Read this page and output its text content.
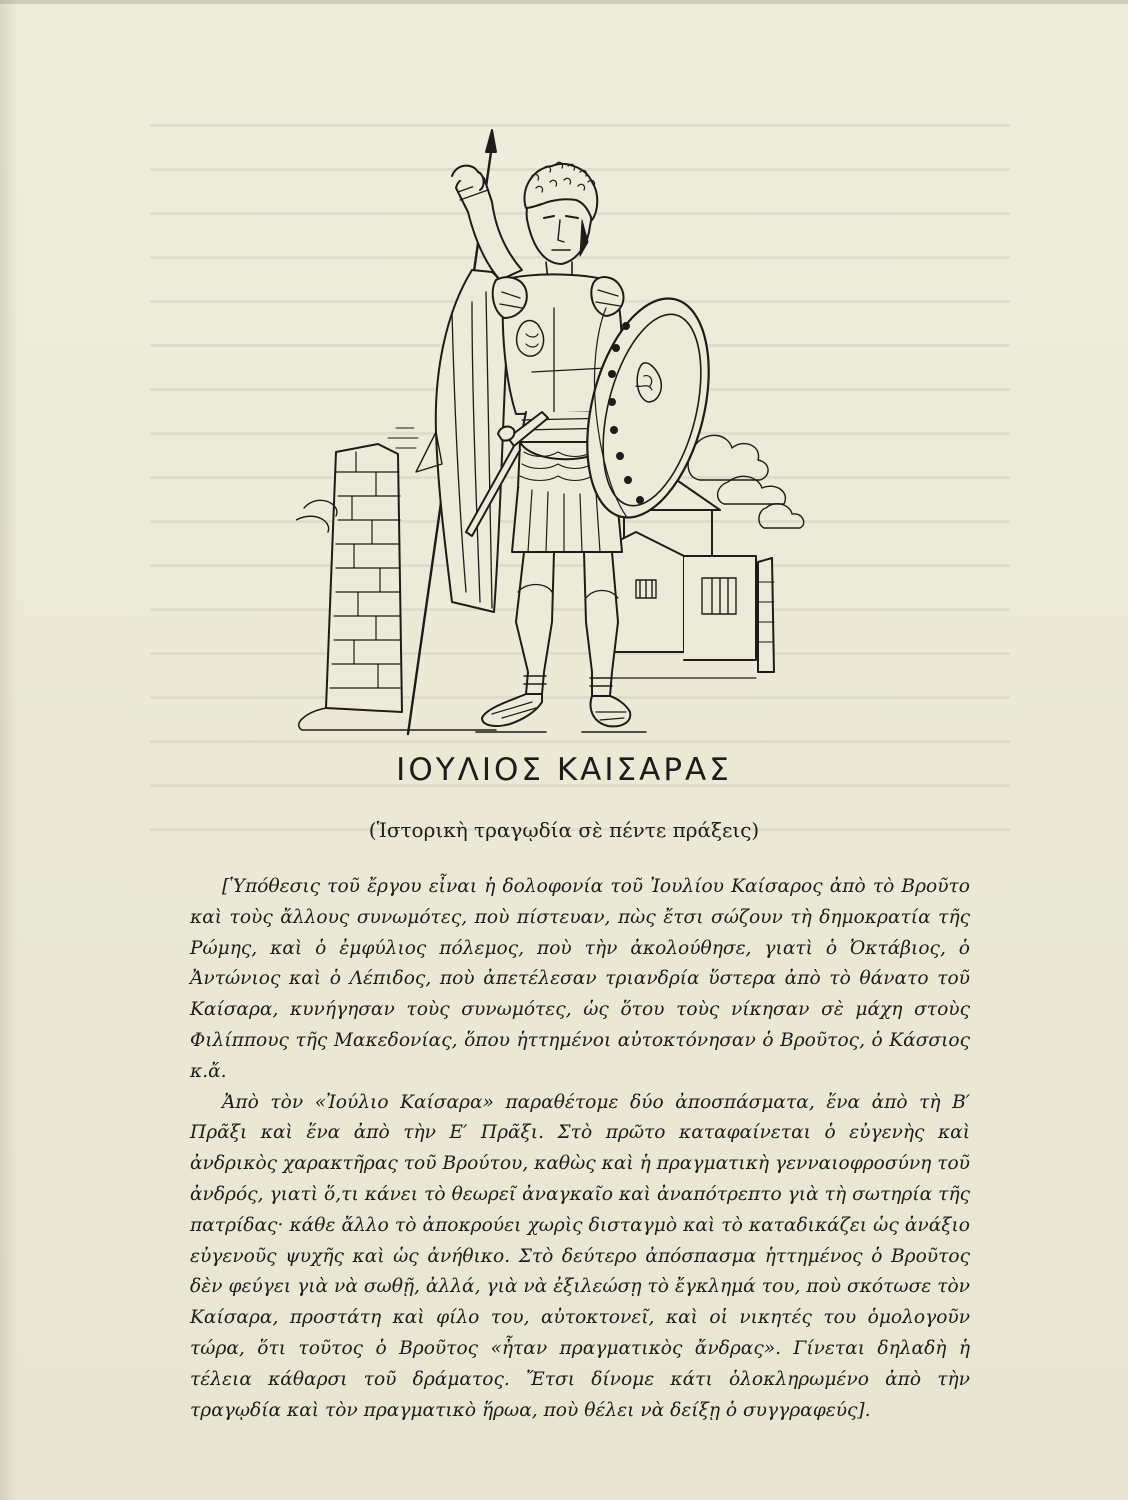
ΙΟΥΛΙΟΣ ΚΑΙΣΑΡΑΣ
(Ἱστορικὴ τραγῳδία σὲ πέντε πράξεις)

[Ὑπόθεσις τοῦ ἔργου εἶναι ἡ δολοφονία τοῦ Ἰουλίου Καίσαρος ἀπὸ τὸ Βροῦτο καὶ τοὺς ἄλλους συνωμότες, ποὺ πίστευαν, πὼς ἔτσι σώζουν τὴ δημοκρατία τῆς Ρώμης, καὶ ὁ ἐμφύλιος πόλεμος, ποὺ τὴν ἀκολούθησε, γιατὶ ὁ Ὀκτάβιος, ὁ Ἀντώνιος καὶ ὁ Λέπιδος, ποὺ ἀπετέλεσαν τριανδρία ὕστερα ἀπὸ τὸ θάνατο τοῦ Καίσαρα, κυνήγησαν τοὺς συνωμότες, ὡς ὅτου τοὺς νίκησαν σὲ μάχη στοὺς Φιλίππους τῆς Μακεδονίας, ὅπου ἡττημένοι αὐτοκτόνησαν ὁ Βροῦτος, ὁ Κάσσιος κ.ἄ.

Ἀπὸ τὸν «Ἰούλιο Καίσαρα» παραθέτομε δύο ἀποσπάσματα, ἕνα ἀπὸ τὴ Β′ Πρᾶξι καὶ ἕνα ἀπὸ τὴν Ε′ Πρᾶξι. Στὸ πρῶτο καταφαίνεται ὁ εὐγενὴς καὶ ἀνδρικὸς χαρακτῆρας τοῦ Βρούτου, καθὼς καὶ ἡ πραγματικὴ γενναιοφροσύνη τοῦ ἀνδρός, γιατὶ ὅ,τι κάνει τὸ θεωρεῖ ἀναγκαῖο καὶ ἀναπότρεπτο γιὰ τὴ σωτηρία τῆς πατρίδας· κάθε ἄλλο τὸ ἀποκρούει χωρὶς δισταγμὸ καὶ τὸ καταδικάζει ὡς ἀνάξιο εὐγενοῦς ψυχῆς καὶ ὡς ἀνήθικο. Στὸ δεύτερο ἀπόσπασμα ἡττημένος ὁ Βροῦτος δὲν φεύγει γιὰ νὰ σωθῇ, ἀλλά, γιὰ νὰ ἐξιλεώσῃ τὸ ἔγκλημά του, ποὺ σκότωσε τὸν Καίσαρα, προστάτη καὶ φίλο του, αὐτοκτονεῖ, καὶ οἱ νικητές του ὁμολογοῦν τώρα, ὅτι τοῦτος ὁ Βροῦτος «ἦταν πραγματικὸς ἄνδρας». Γίνεται δηλαδὴ ἡ τέλεια κάθαρσι τοῦ δράματος. Ἔτσι δίνομε κάτι ὁλοκληρωμένο ἀπὸ τὴν τραγῳδία καὶ τὸν πραγματικὸ ἥρωα, ποὺ θέλει νὰ δείξῃ ὁ συγγραφεύς].
